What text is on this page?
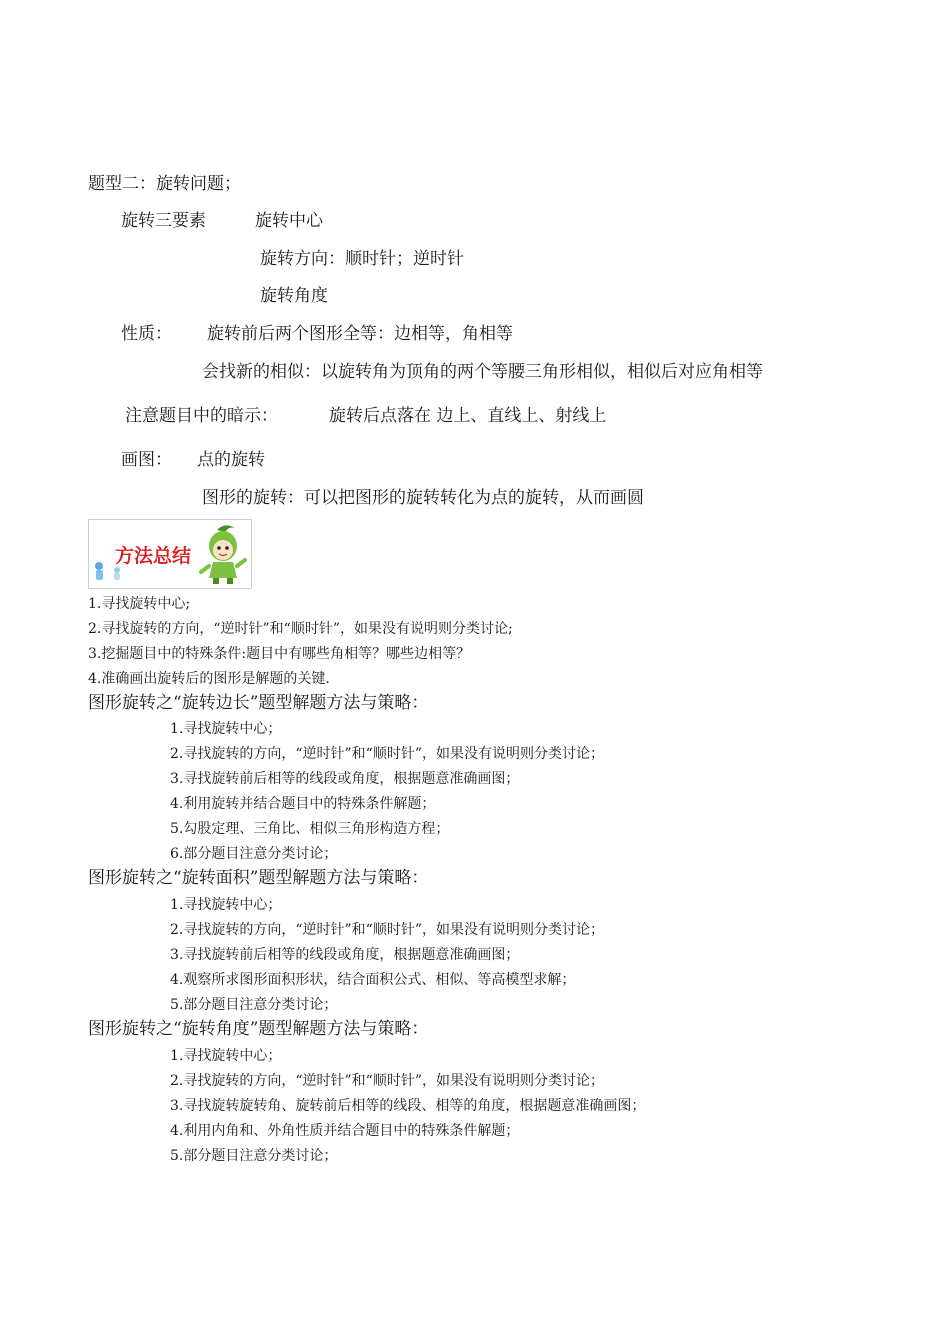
题型二：旋转问题；
旋转三要素	旋转中心
旋转方向：顺时针；逆时针
旋转角度
性质： 旋转前后两个图形全等：边相等，角相等
会找新的相似：以旋转角为顶角的两个等腰三角形相似，相似后对应角相等
注意题目中的暗示：	旋转后点落在 边上、直线上、射线上
画图： 点的旋转
图形的旋转：可以把图形的旋转转化为点的旋转，从而画圆
方法总结
1.寻找旋转中心;
2.寻找旋转的方向，“逆时针”和“顺时针”，如果没有说明则分类讨论;
3.挖掘题目中的特殊条件:题目中有哪些角相等？哪些边相等？
4.准确画出旋转后的图形是解题的关键.
图形旋转之“旋转边长”题型解题方法与策略：
1.寻找旋转中心；
2.寻找旋转的方向，“逆时针”和“顺时针”，如果没有说明则分类讨论；
3.寻找旋转前后相等的线段或角度，根据题意准确画图；
4.利用旋转并结合题目中的特殊条件解题；
5.勾股定理、三角比、相似三角形构造方程；
6.部分题目注意分类讨论；
图形旋转之“旋转面积”题型解题方法与策略：
1.寻找旋转中心；
2.寻找旋转的方向，“逆时针”和“顺时针”，如果没有说明则分类讨论；
3.寻找旋转前后相等的线段或角度，根据题意准确画图；
4.观察所求图形面积形状，结合面积公式、相似、等高模型求解；
5.部分题目注意分类讨论；
图形旋转之“旋转角度”题型解题方法与策略：
1.寻找旋转中心；
2.寻找旋转的方向，“逆时针”和“顺时针”，如果没有说明则分类讨论；
3.寻找旋转旋转角、旋转前后相等的线段、相等的角度，根据题意准确画图；
4.利用内角和、外角性质并结合题目中的特殊条件解题；
5.部分题目注意分类讨论；
